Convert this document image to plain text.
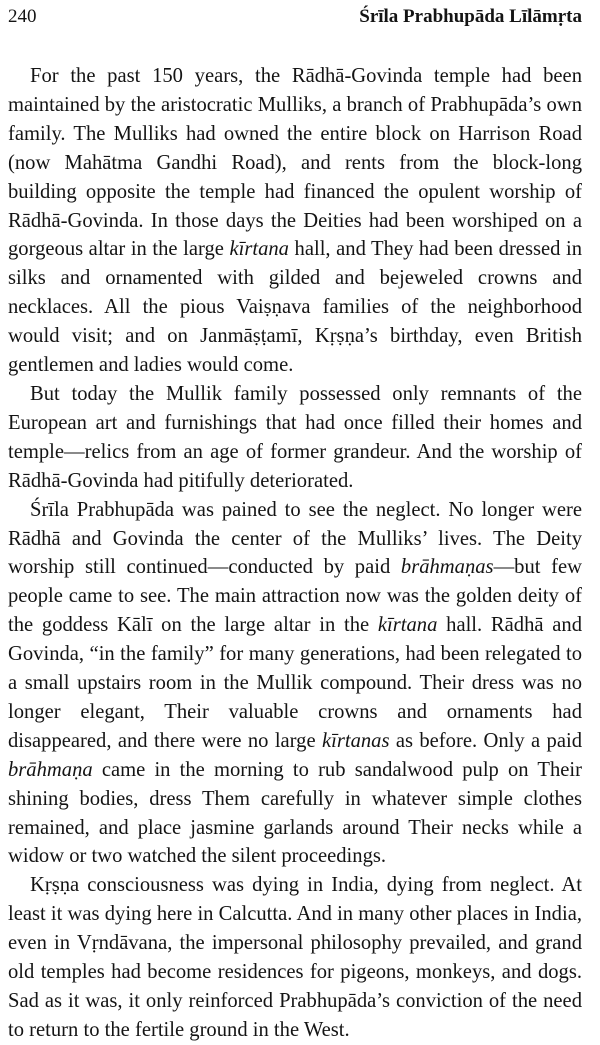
240	Śrīla Prabhupāda Līlāmṛta

For the past 150 years, the Rādhā-Govinda temple had been maintained by the aristocratic Mulliks, a branch of Prabhupāda’s own family. The Mulliks had owned the entire block on Harrison Road (now Mahātma Gandhi Road), and rents from the block-long building opposite the temple had financed the opulent worship of Rādhā-Govinda. In those days the Deities had been worshiped on a gorgeous altar in the large kīrtana hall, and They had been dressed in silks and ornamented with gilded and bejeweled crowns and necklaces. All the pious Vaiṣṇava families of the neighborhood would visit; and on Janmāṣṭamī, Kṛṣṇa’s birthday, even British gentlemen and ladies would come.

But today the Mullik family possessed only remnants of the European art and furnishings that had once filled their homes and temple—relics from an age of former grandeur. And the worship of Rādhā-Govinda had pitifully deteriorated.

Śrīla Prabhupāda was pained to see the neglect. No longer were Rādhā and Govinda the center of the Mulliks’ lives. The Deity worship still continued—conducted by paid brāhmaṇas—but few people came to see. The main attraction now was the golden deity of the goddess Kālī on the large altar in the kīrtana hall. Rādhā and Govinda, “in the family” for many generations, had been relegated to a small upstairs room in the Mullik compound. Their dress was no longer elegant, Their valuable crowns and ornaments had disappeared, and there were no large kīrtanas as before. Only a paid brāhmaṇa came in the morning to rub sandalwood pulp on Their shining bodies, dress Them carefully in whatever simple clothes remained, and place jasmine garlands around Their necks while a widow or two watched the silent proceedings.

Kṛṣṇa consciousness was dying in India, dying from neglect. At least it was dying here in Calcutta. And in many other places in India, even in Vṛndāvana, the impersonal philosophy prevailed, and grand old temples had become residences for pigeons, monkeys, and dogs. Sad as it was, it only reinforced Prabhupāda’s conviction of the need to return to the fertile ground in the West.
